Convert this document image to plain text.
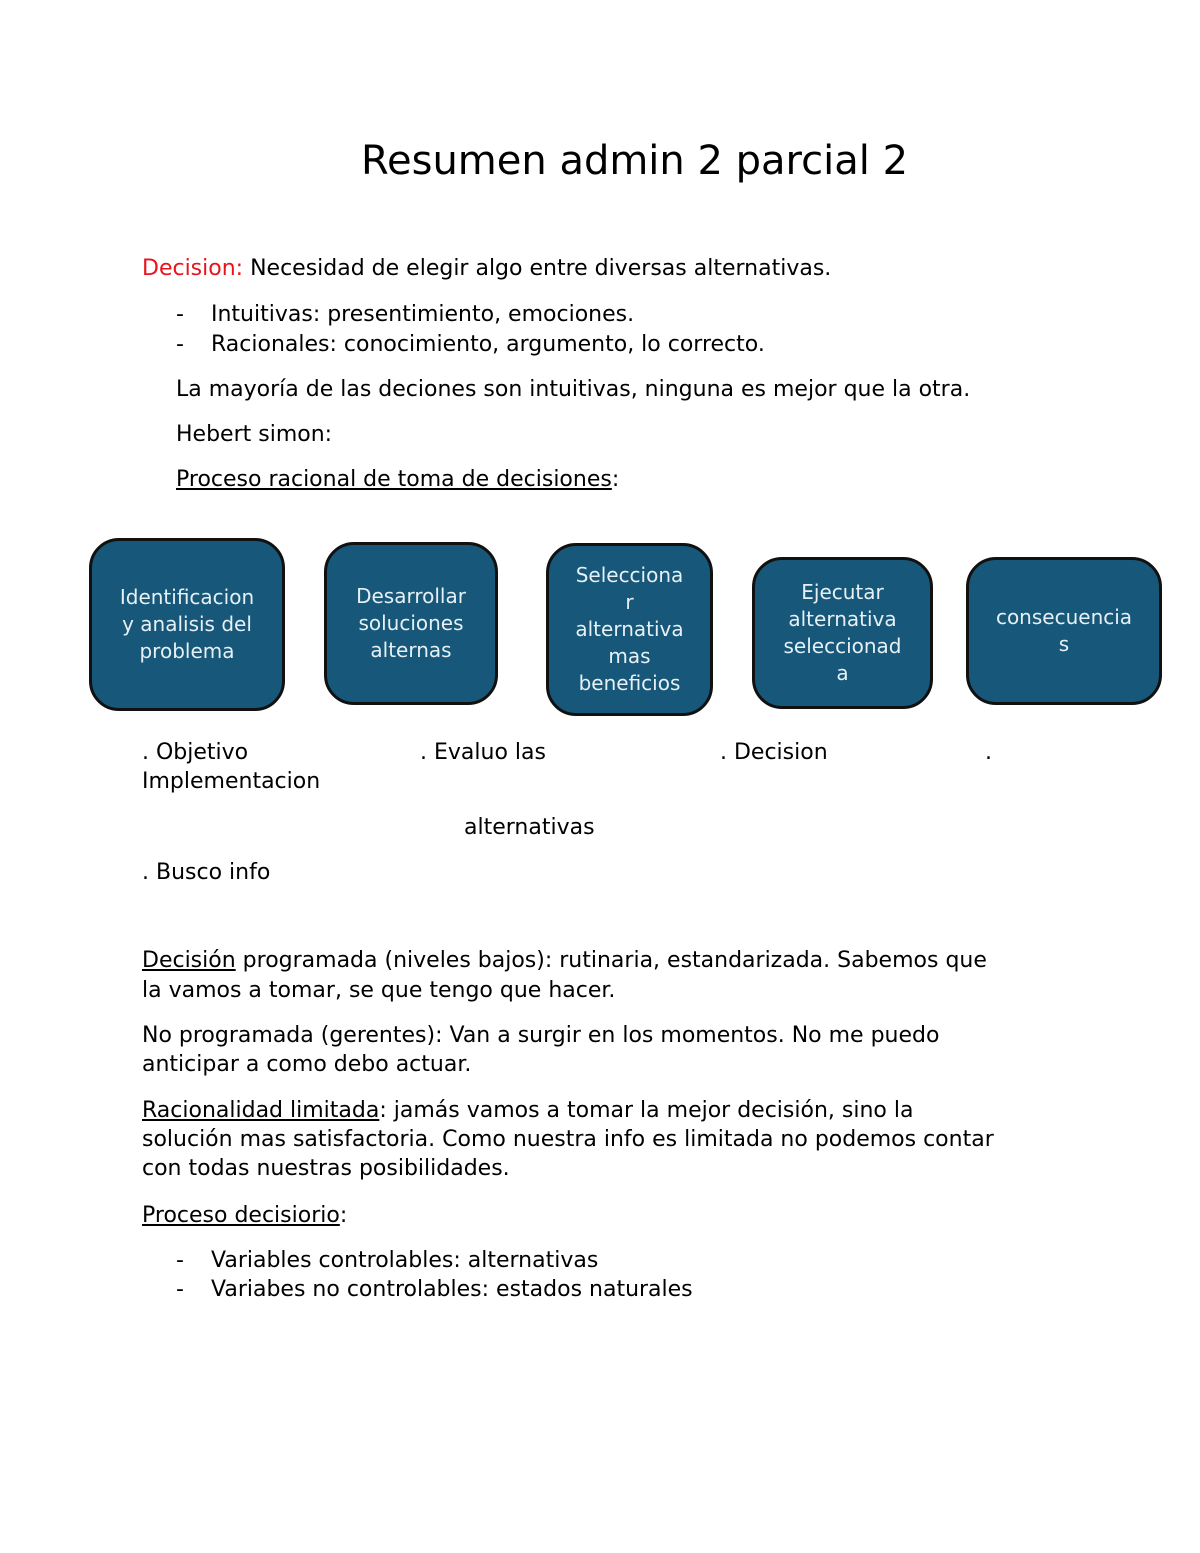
Resumen admin 2 parcial 2
Decision: Necesidad de elegir algo entre diversas alternativas.
- Intuitivas: presentimiento, emociones.
- Racionales: conocimiento, argumento, lo correcto.
La mayoría de las deciones son intuitivas, ninguna es mejor que la otra.
Hebert simon:
Proceso racional de toma de decisiones:
Identificacion
y analisis del
problema
Desarrollar
soluciones
alternas
Selecciona
r
alternativa
mas
beneficios
Ejecutar
alternativa
seleccionad
a
consecuencia
s
. Objetivo	. Evaluo las	. Decision	.
Implementacion
alternativas
. Busco info
Decisión programada (niveles bajos): rutinaria, estandarizada. Sabemos que
la vamos a tomar, se que tengo que hacer.
No programada (gerentes): Van a surgir en los momentos. No me puedo
anticipar a como debo actuar.
Racionalidad limitada: jamás vamos a tomar la mejor decisión, sino la
solución mas satisfactoria. Como nuestra info es limitada no podemos contar
con todas nuestras posibilidades.
Proceso decisiorio:
- Variables controlables: alternativas
- Variabes no controlables: estados naturales
